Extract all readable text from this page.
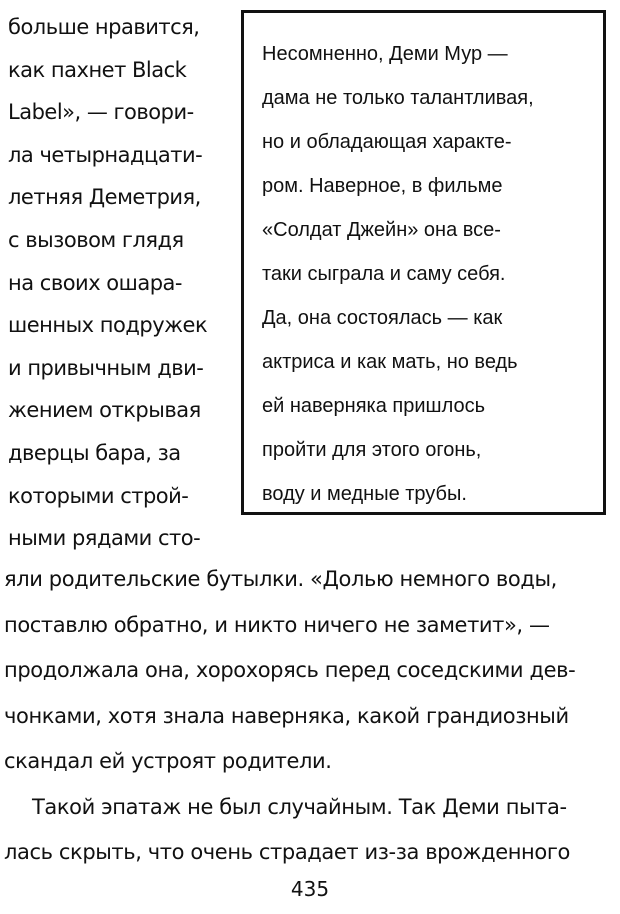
больше нравится,
как пахнет Black
Label», — говори-
ла четырнадцати-
летняя Деметрия,
с вызовом глядя
на своих ошара-
шенных подружек
и привычным дви-
жением открывая
дверцы бара, за
которыми строй-
ными рядами сто-
Несомненно, Деми Мур —
дама не только талантливая,
но и обладающая характе-
ром. Наверное, в фильме
«Солдат Джейн» она все-
таки сыграла и саму себя.
Да, она состоялась — как
актриса и как мать, но ведь
ей наверняка пришлось
пройти для этого огонь,
воду и медные трубы.
яли родительские бутылки. «Долью немного воды,
поставлю обратно, и никто ничего не заметит», —
продолжала она, хорохорясь перед соседскими дев-
чонками, хотя знала наверняка, какой грандиозный
скандал ей устроят родители.
Такой эпатаж не был случайным. Так Деми пыта-
лась скрыть, что очень страдает из-за врожденного
435
